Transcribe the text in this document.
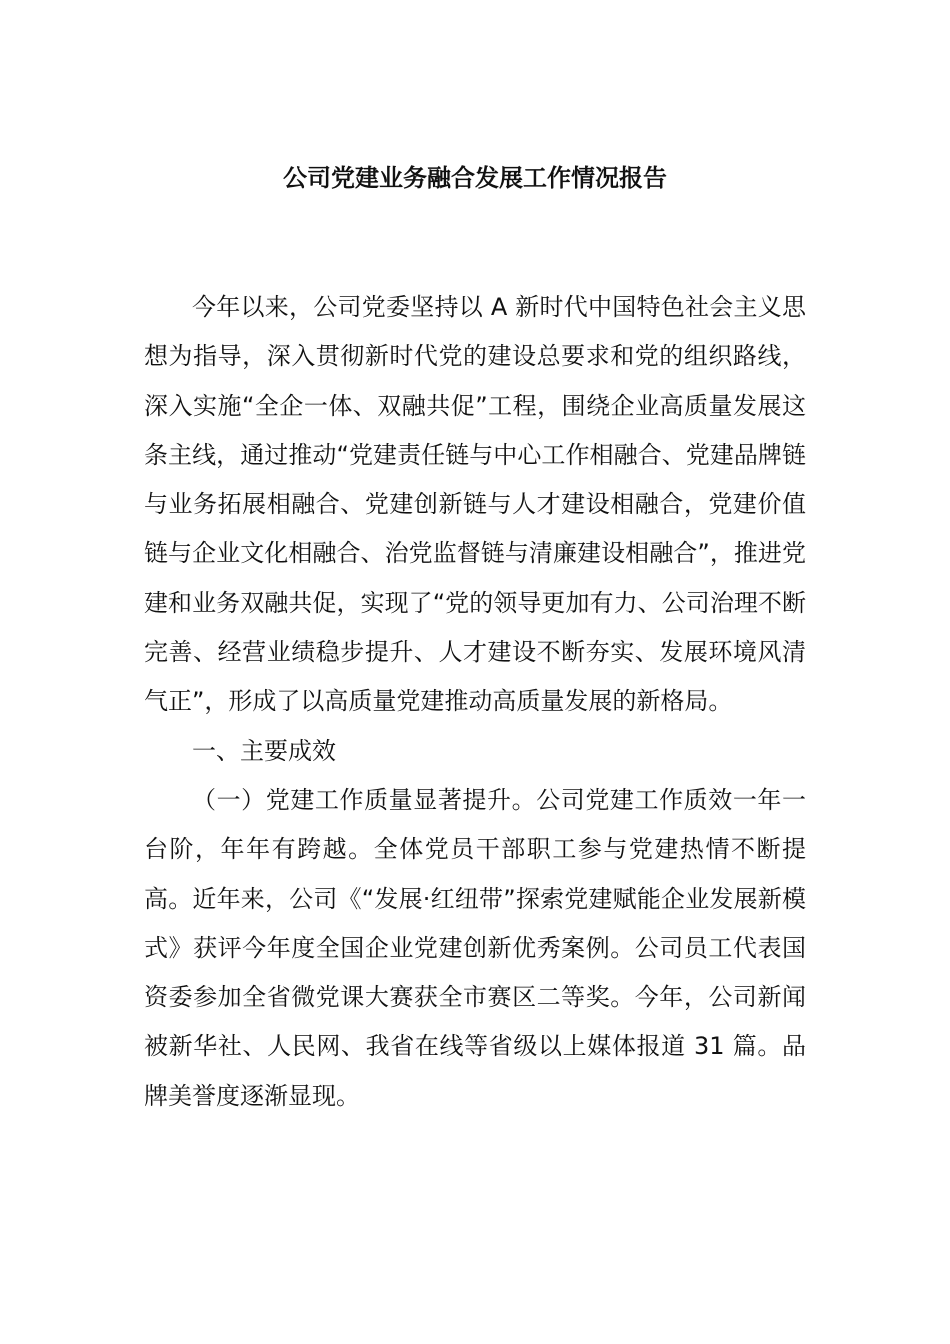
公司党建业务融合发展工作情况报告

今年以来，公司党委坚持以 A 新时代中国特色社会主义思想为指导，深入贯彻新时代党的建设总要求和党的组织路线，深入实施“全企一体、双融共促”工程，围绕企业高质量发展这条主线，通过推动“党建责任链与中心工作相融合、党建品牌链与业务拓展相融合、党建创新链与人才建设相融合，党建价值链与企业文化相融合、治党监督链与清廉建设相融合”，推进党建和业务双融共促，实现了“党的领导更加有力、公司治理不断完善、经营业绩稳步提升、人才建设不断夯实、发展环境风清气正”，形成了以高质量党建推动高质量发展的新格局。

一、主要成效

（一）党建工作质量显著提升。公司党建工作质效一年一台阶，年年有跨越。全体党员干部职工参与党建热情不断提高。近年来，公司《“发展·红纽带”探索党建赋能企业发展新模式》获评今年度全国企业党建创新优秀案例。公司员工代表国资委参加全省微党课大赛获全市赛区二等奖。今年，公司新闻被新华社、人民网、我省在线等省级以上媒体报道 31 篇。品牌美誉度逐渐显现。
